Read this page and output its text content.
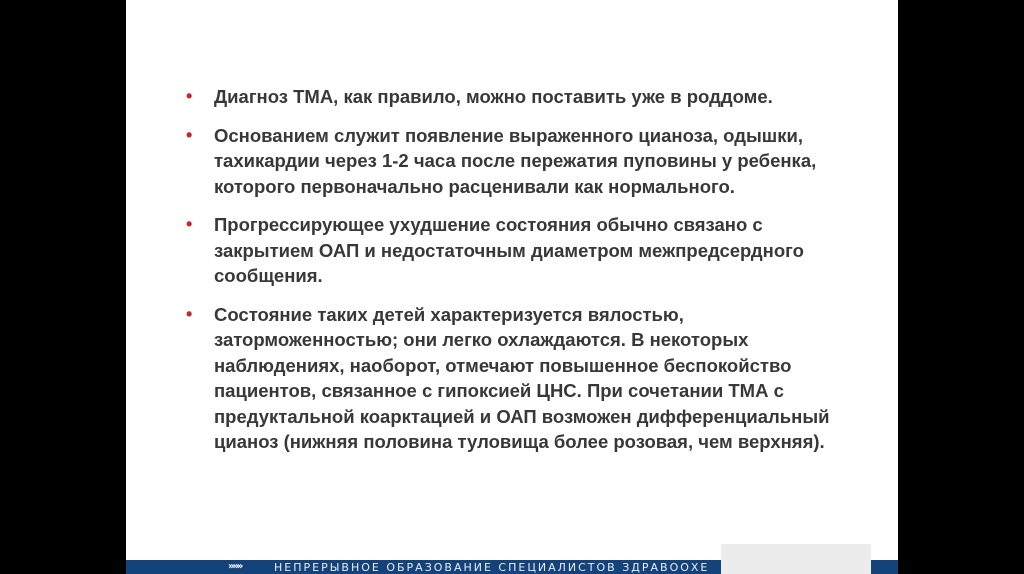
• Диагноз ТМА, как правило, можно поставить уже в роддоме.
• Основанием служит появление выраженного цианоза, одышки, тахикардии через 1-2 часа после пережатия пуповины у ребенка, которого первоначально расценивали как нормального.
• Прогрессирующее ухудшение состояния обычно связано с закрытием ОАП и недостаточным диаметром межпредсердного сообщения.
• Состояние таких детей характеризуется вялостью, заторможенностью; они легко охлаждаются. В некоторых наблюдениях, наоборот, отмечают повышенное беспокойство пациентов, связанное с гипоксией ЦНС. При сочетании ТМА с предуктальной коарктацией и ОАП возможен дифференциальный цианоз (нижняя половина туловища более розовая, чем верхняя).
»»»	НЕПРЕРЫВНОЕ ОБРАЗОВАНИЕ СПЕЦИАЛИСТОВ ЗДРАВООХЕ
